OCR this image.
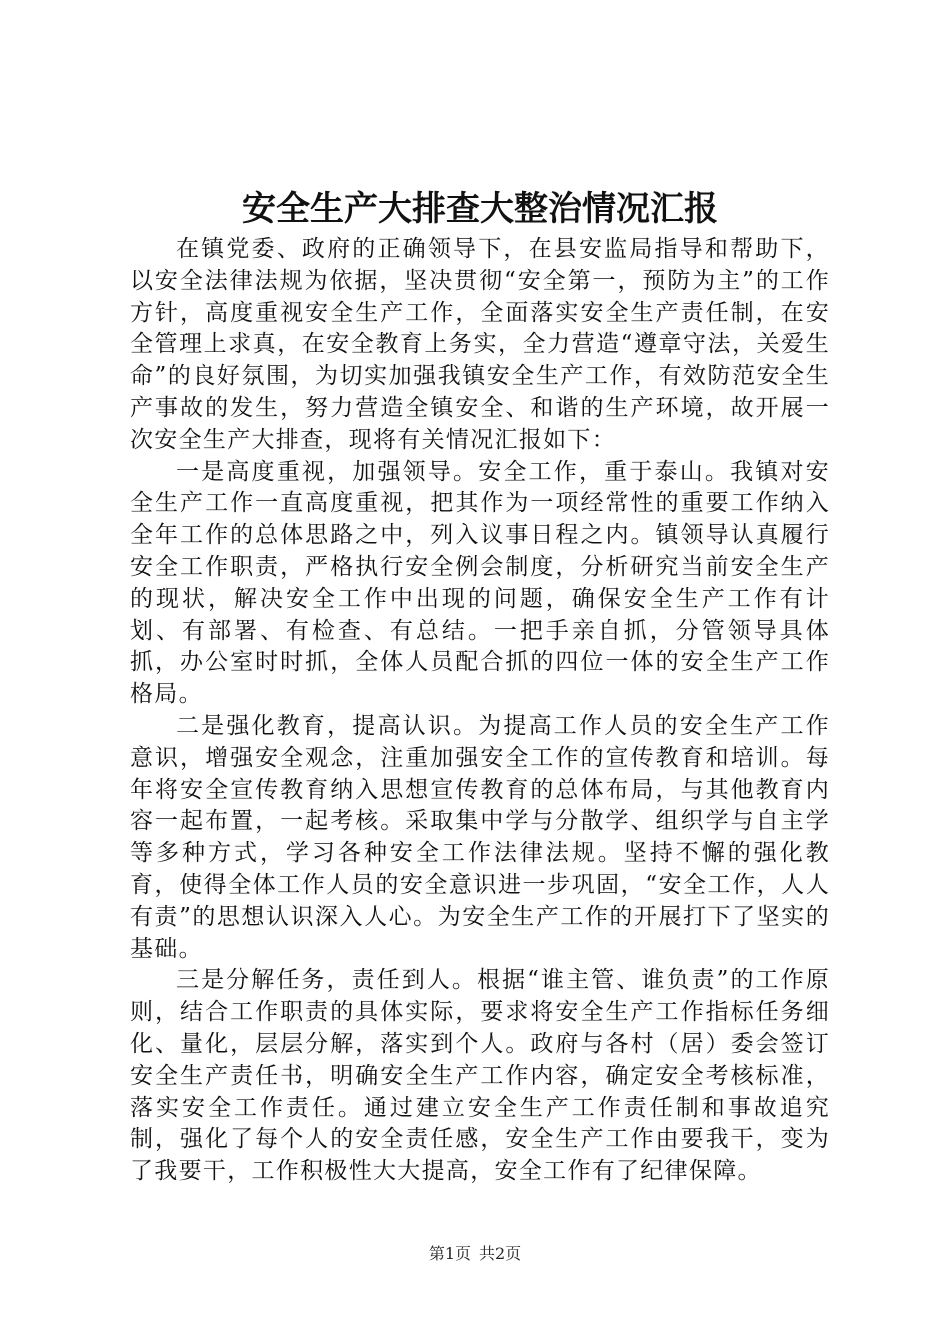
安全生产大排查大整治情况汇报

在镇党委、政府的正确领导下，在县安监局指导和帮助下，以安全法律法规为依据，坚决贯彻“安全第一，预防为主”的工作方针，高度重视安全生产工作，全面落实安全生产责任制，在安全管理上求真，在安全教育上务实，全力营造“遵章守法，关爱生命”的良好氛围，为切实加强我镇安全生产工作，有效防范安全生产事故的发生，努力营造全镇安全、和谐的生产环境，故开展一次安全生产大排查，现将有关情况汇报如下：

一是高度重视，加强领导。安全工作，重于泰山。我镇对安全生产工作一直高度重视，把其作为一项经常性的重要工作纳入全年工作的总体思路之中，列入议事日程之内。镇领导认真履行安全工作职责，严格执行安全例会制度，分析研究当前安全生产的现状，解决安全工作中出现的问题，确保安全生产工作有计划、有部署、有检查、有总结。一把手亲自抓，分管领导具体抓，办公室时时抓，全体人员配合抓的四位一体的安全生产工作格局。

二是强化教育，提高认识。为提高工作人员的安全生产工作意识，增强安全观念，注重加强安全工作的宣传教育和培训。每年将安全宣传教育纳入思想宣传教育的总体布局，与其他教育内容一起布置，一起考核。采取集中学与分散学、组织学与自主学等多种方式，学习各种安全工作法律法规。坚持不懈的强化教育，使得全体工作人员的安全意识进一步巩固，“安全工作，人人有责”的思想认识深入人心。为安全生产工作的开展打下了坚实的基础。

三是分解任务，责任到人。根据“谁主管、谁负责”的工作原则，结合工作职责的具体实际，要求将安全生产工作指标任务细化、量化，层层分解，落实到个人。政府与各村（居）委会签订安全生产责任书，明确安全生产工作内容，确定安全考核标准，落实安全工作责任。通过建立安全生产工作责任制和事故追究制，强化了每个人的安全责任感，安全生产工作由要我干，变为了我要干，工作积极性大大提高，安全工作有了纪律保障。

第1页 共2页
